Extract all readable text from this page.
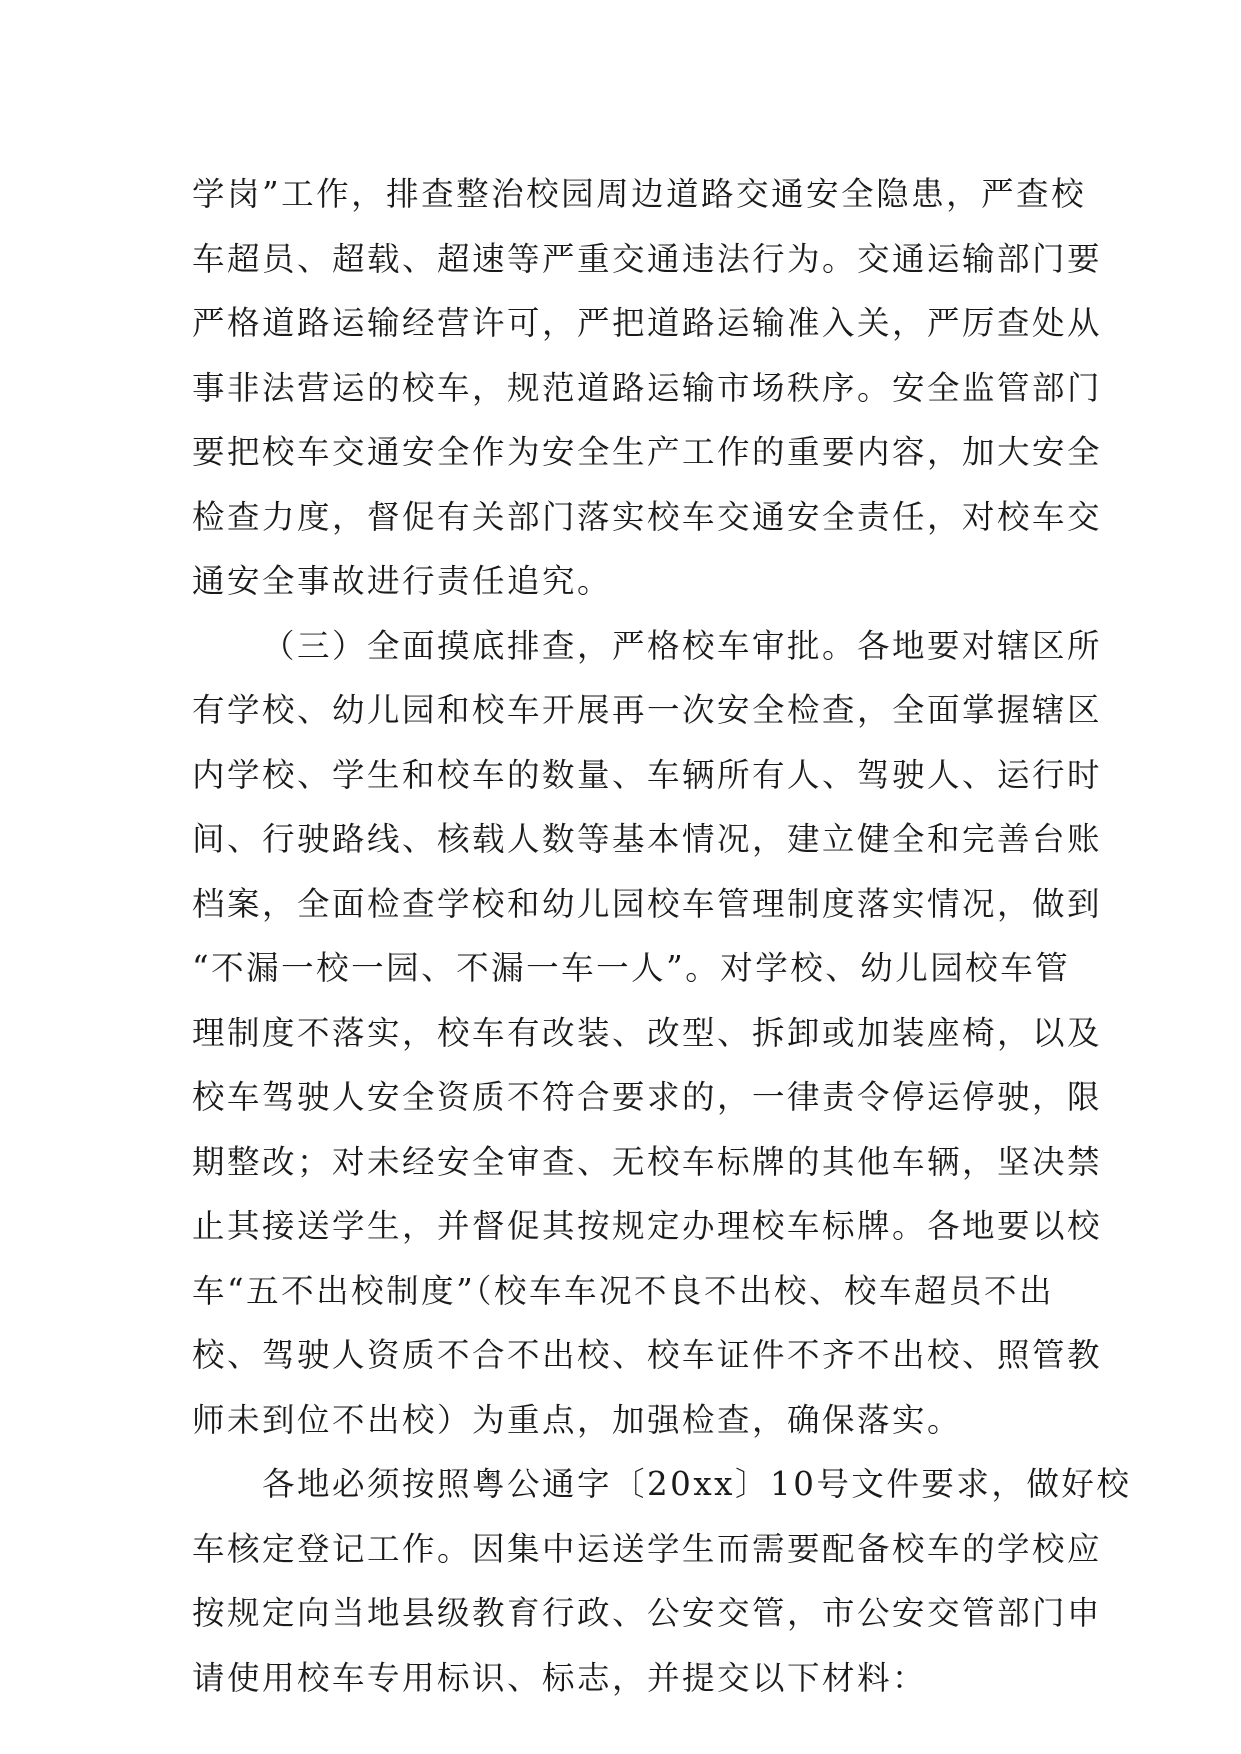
学岗”工作，排查整治校园周边道路交通安全隐患，严查校
车超员、超载、超速等严重交通违法行为。交通运输部门要
严格道路运输经营许可，严把道路运输准入关，严厉查处从
事非法营运的校车，规范道路运输市场秩序。安全监管部门
要把校车交通安全作为安全生产工作的重要内容，加大安全
检查力度，督促有关部门落实校车交通安全责任，对校车交
通安全事故进行责任追究。
（三）全面摸底排查，严格校车审批。各地要对辖区所
有学校、幼儿园和校车开展再一次安全检查，全面掌握辖区
内学校、学生和校车的数量、车辆所有人、驾驶人、运行时
间、行驶路线、核载人数等基本情况，建立健全和完善台账
档案，全面检查学校和幼儿园校车管理制度落实情况，做到
“不漏一校一园、不漏一车一人”。对学校、幼儿园校车管
理制度不落实，校车有改装、改型、拆卸或加装座椅，以及
校车驾驶人安全资质不符合要求的，一律责令停运停驶，限
期整改；对未经安全审查、无校车标牌的其他车辆，坚决禁
止其接送学生，并督促其按规定办理校车标牌。各地要以校
车“五不出校制度”（校车车况不良不出校、校车超员不出
校、驾驶人资质不合不出校、校车证件不齐不出校、照管教
师未到位不出校）为重点，加强检查，确保落实。
各地必须按照粤公通字〔20xx〕10号文件要求，做好校
车核定登记工作。因集中运送学生而需要配备校车的学校应
按规定向当地县级教育行政、公安交管，市公安交管部门申
请使用校车专用标识、标志，并提交以下材料：
